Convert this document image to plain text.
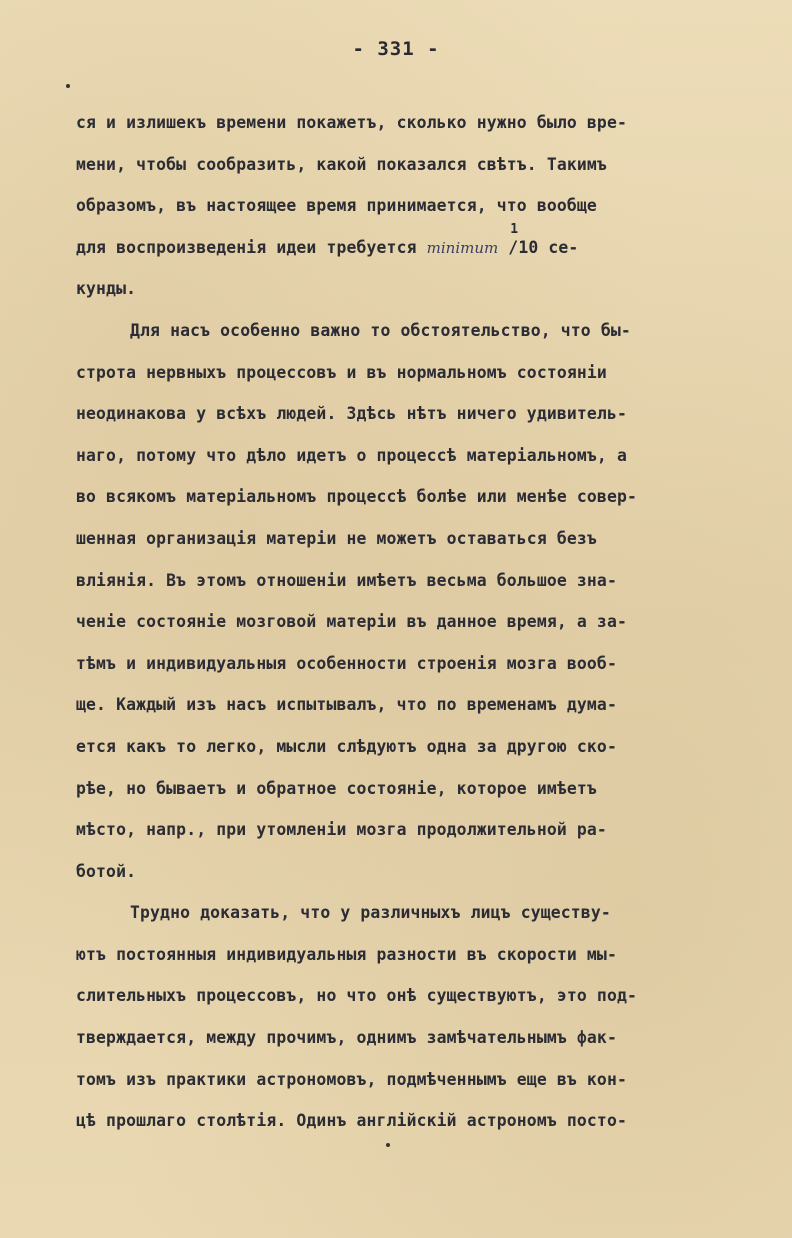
- 331 -
ся и излишекъ времени покажетъ, сколько нужно было вре-
мени, чтобы сообразить, какой показался свѣтъ. Такимъ
образомъ, въ настоящее время принимается, что вообще
для воспроизведенія идеи требуется minimum
1
/10 се-
кунды.
Для насъ особенно важно то обстоятельство, что бы-
строта нервныхъ процессовъ и въ нормальномъ состояніи
неодинакова у всѣхъ людей. Здѣсь нѣтъ ничего удивитель-
наго, потому что дѣло идетъ о процессѣ матеріальномъ, а
во всякомъ матеріальномъ процессѣ болѣе или менѣе совер-
шенная организація матеріи не можетъ оставаться безъ
вліянія. Въ этомъ отношеніи имѣетъ весьма большое зна-
ченіе состояніе мозговой матеріи въ данное время, а за-
тѣмъ и индивидуальныя особенности строенія мозга вооб-
ще. Каждый изъ насъ испытывалъ, что по временамъ дума-
ется какъ то легко, мысли слѣдуютъ одна за другою ско-
рѣе, но бываетъ и обратное состояніе, которое имѣетъ
мѣсто, напр., при утомленіи мозга продолжительной ра-
ботой.
Трудно доказать, что у различныхъ лицъ существу-
ютъ постоянныя индивидуальныя разности въ скорости мы-
слительныхъ процессовъ, но что онѣ существуютъ, это под-
тверждается, между прочимъ, однимъ замѣчательнымъ фак-
томъ изъ практики астрономовъ, подмѣченнымъ еще въ кон-
цѣ прошлаго столѣтія. Одинъ англійскій астрономъ посто-
